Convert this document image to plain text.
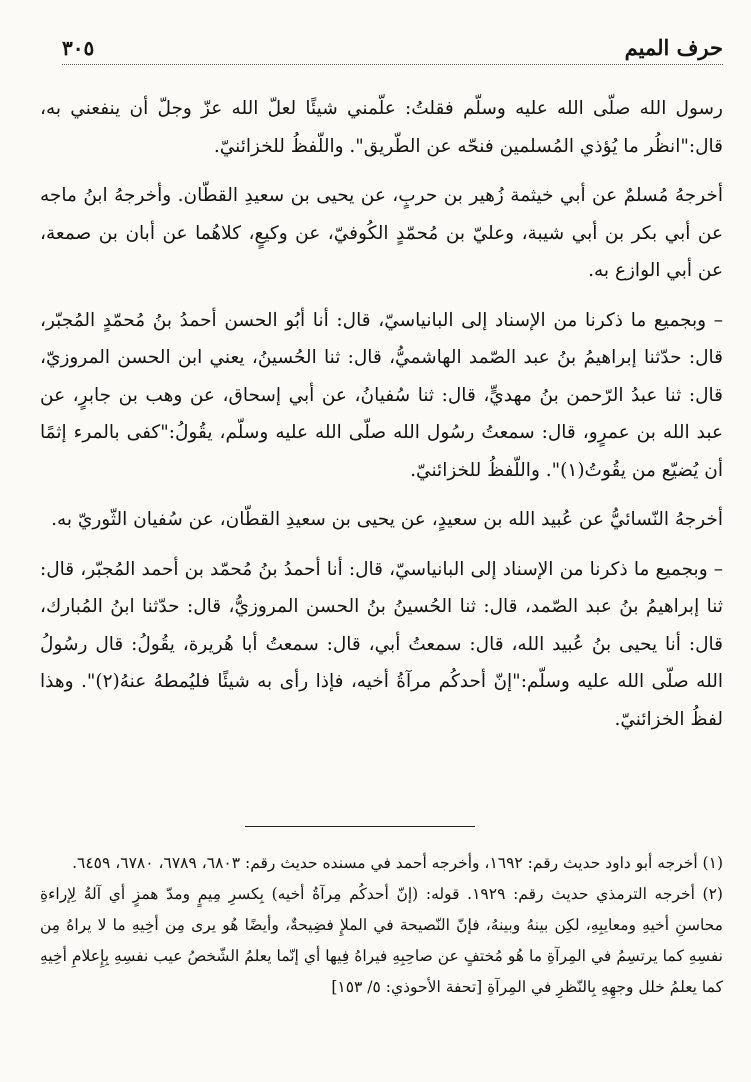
حرف الميم
٣٠٥

رسول الله صلّى الله عليه وسلّم فقلتُ: علّمني شيئًا لعلّ الله عزّ وجلّ أن ينفعني به، قال:"انظُر ما يُؤذي المُسلمين فنحّه عن الطّريق". واللّفظُ للخزائنيّ.

أخرجهُ مُسلمٌ عن أبي خيثمة زُهير بن حربٍ، عن يحيى بن سعيدِ القطّان. وأخرجهُ ابنُ ماجه عن أبي بكر بن أبي شيبة، وعليّ بن مُحمّدٍ الكُوفيّ، عن وكيعٍ، كلاهُما عن أبان بن صمعة، عن أبي الوازع به.

– وبجميع ما ذكرنا من الإسناد إلى البانياسيّ، قال: أنا أبُو الحسن أحمدُ بنُ مُحمّدٍ المُجبّر، قال: حدّثنا إبراهيمُ بنُ عبد الصّمد الهاشميُّ، قال: ثنا الحُسينُ، يعني ابن الحسن المروزيّ، قال: ثنا عبدُ الرّحمن بنُ مهديٍّ، قال: ثنا سُفيانُ، عن أبي إسحاق، عن وهب بن جابرٍ، عن عبد الله بن عمرٍو، قال: سمعتُ رسُول الله صلّى الله عليه وسلّم، يقُولُ:"كفى بالمرء إثمًا أن يُضيّع من يقُوتُ(١)". واللّفظُ للخزائنيّ.

أخرجهُ النّسائيُّ عن عُبيد الله بن سعيدٍ، عن يحيى بن سعيدِ القطّان، عن سُفيان الثّوريّ به.

– وبجميع ما ذكرنا من الإسناد إلى البانياسيّ، قال: أنا أحمدُ بنُ مُحمّد بن أحمد المُجبّر، قال: ثنا إبراهيمُ بنُ عبد الصّمد، قال: ثنا الحُسينُ بنُ الحسن المروزيُّ، قال: حدّثنا ابنُ المُبارك، قال: أنا يحيى بنُ عُبيد الله، قال: سمعتُ أبي، قال: سمعتُ أبا هُريرة، يقُولُ: قال رسُولُ الله صلّى الله عليه وسلّم:"إنّ أحدكُم مرآةُ أخيه، فإذا رأى به شيئًا فليُمطهُ عنهُ(٢)". وهذا لفظُ الخزائنيّ.

(١) أخرجه أبو داود حديث رقم: ١٦٩٢، وأخرجه أحمد في مسنده حديث رقم: ٦٨٠٣، ٦٧٨٩، ٦٧٨٠، ٦٤٥٩.

(٢) أخرجه الترمذي حديث رقم: ١٩٢٩. قوله: (إنّ أحدكُم مِرآةُ أخيه) بِكسرِ مِيمٍ ومدّ همزٍ أي آلةُ لِإراءةِ محاسنِ أخيهِ ومعايبِهِ، لكِن بينهُ وبينهُ، فإنّ النّصيحة في الملإِ فضِيحةٌ، وأيضًا هُو يرى مِن أخِيهِ ما لا يراهُ مِن نفسِهِ كما يرتسِمُ في المِرآةِ ما هُو مُختفٍ عن صاحِبِهِ فيراهُ فِيها أي إنّما يعلمُ الشّخصُ عيب نفسِهِ بِإِعلامِ أخِيهِ كما يعلمُ خلل وجهِهِ بِالنّظرِ في المِرآةِ [تحفة الأحوذي: ٥/ ١٥٣]
